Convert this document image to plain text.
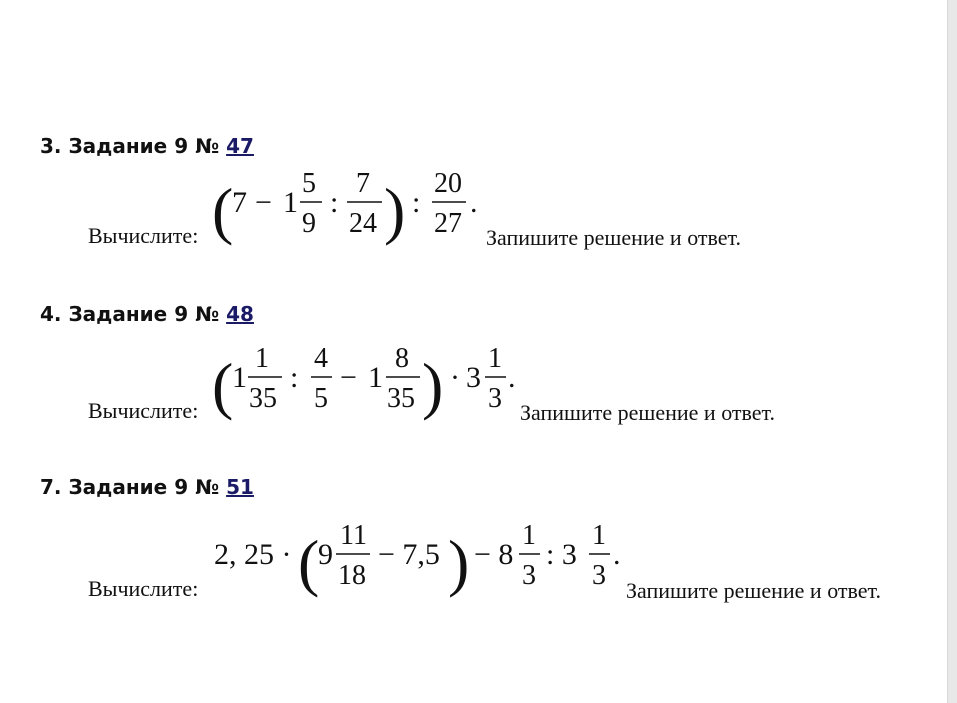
3. Задание 9 № 47
Вычислите: (
7 − 1
5
9
:
7
24 ) :
20
27
.
Запишите решение и ответ.
4. Задание 9 № 48
Вычислите: (
1
1
35
:
4
5
− 1
8
35 ) · 3
1
3
.
Запишите решение и ответ.
7. Задание 9 № 51
Вычислите:
2, 25 · (
9
11
18
− 7,5 ) − 8
1
3
: 3
1
3
.
Запишите решение и ответ.
